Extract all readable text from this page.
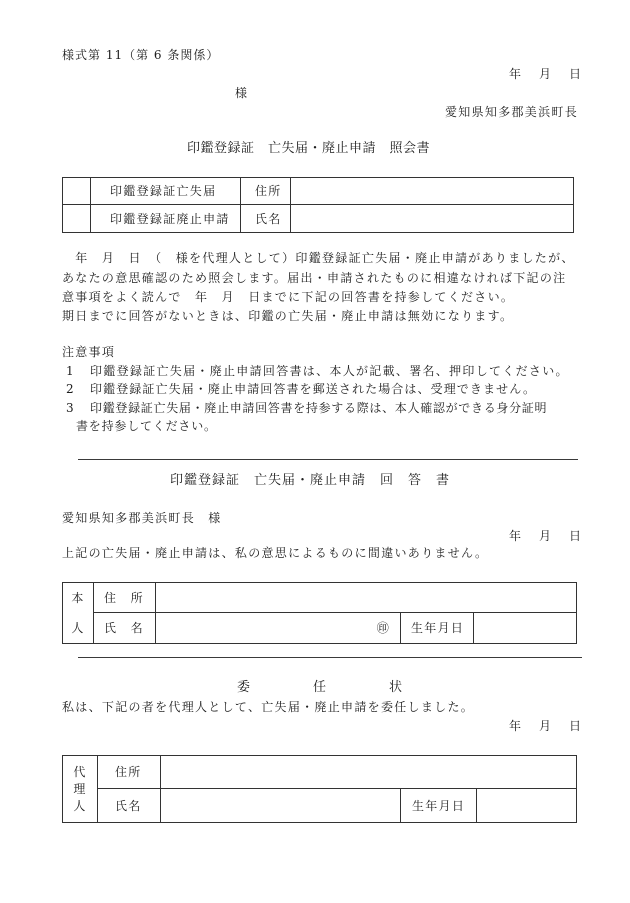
様式第 11（第 6 条関係）
年　月　日
様
愛知県知多郡美浜町長
印鑑登録証　亡失届・廃止申請　照会書
	印鑑登録証亡失届	住所	
	印鑑登録証廃止申請	氏名	
　年　月　日　（　様を代理人として）印鑑登録証亡失届・廃止申請がありましたが、
あなたの意思確認のため照会します。届出・申請されたものに相違なければ下記の注
意事項をよく読んで　年　月　日までに下記の回答書を持参してください。
期日までに回答がないときは、印鑑の亡失届・廃止申請は無効になります。
注意事項
1 印鑑登録証亡失届・廃止申請回答書は、本人が記載、署名、押印してください。
2 印鑑登録証亡失届・廃止申請回答書を郵送された場合は、受理できません。
3 印鑑登録証亡失届・廃止申請回答書を持参する際は、本人確認ができる身分証明
書を持参してください。
印鑑登録証　亡失届・廃止申請　回　答　書
愛知県知多郡美浜町長　様
年　月　日
上記の亡失届・廃止申請は、私の意思によるものに間違いありません。
本
人	住　所			
	氏　名	㊞	生年月日	
委　　　任　　　状
私は、下記の者を代理人として、亡失届・廃止申請を委任しました。
年　月　日
代
理
人	住所			
	氏名		生年月日	
